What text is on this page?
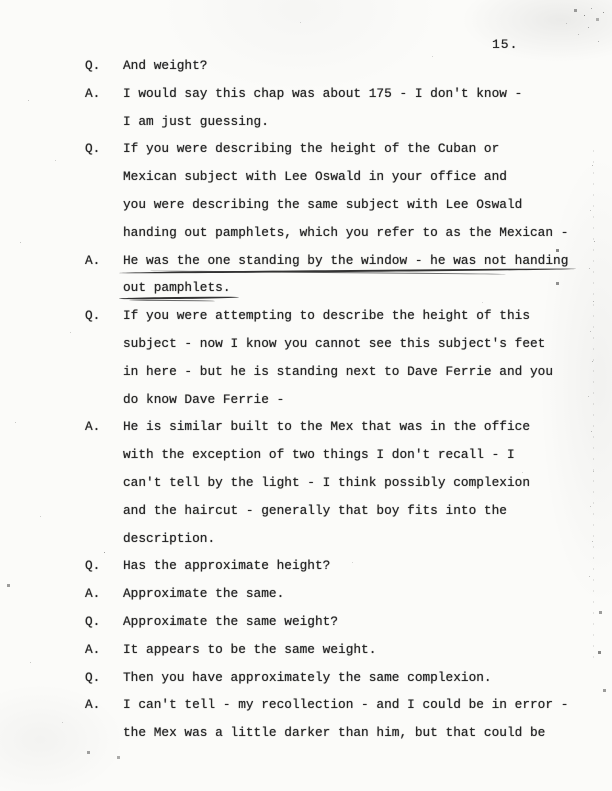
15.
Q. And weight?
A. I would say this chap was about 175 - I don't know -
I am just guessing.
Q. If you were describing the height of the Cuban or
Mexican subject with Lee Oswald in your office and
you were describing the same subject with Lee Oswald
handing out pamphlets, which you refer to as the Mexican -
A. He was the one standing by the window - he was not handing
out pamphlets.
Q. If you were attempting to describe the height of this
subject - now I know you cannot see this subject's feet
in here - but he is standing next to Dave Ferrie and you
do know Dave Ferrie -
A. He is similar built to the Mex that was in the office
with the exception of two things I don't recall - I
can't tell by the light - I think possibly complexion
and the haircut - generally that boy fits into the
description.
Q. Has the approximate height?
A. Approximate the same.
Q. Approximate the same weight?
A. It appears to be the same weight.
Q. Then you have approximately the same complexion.
A. I can't tell - my recollection - and I could be in error -
the Mex was a little darker than him, but that could be
